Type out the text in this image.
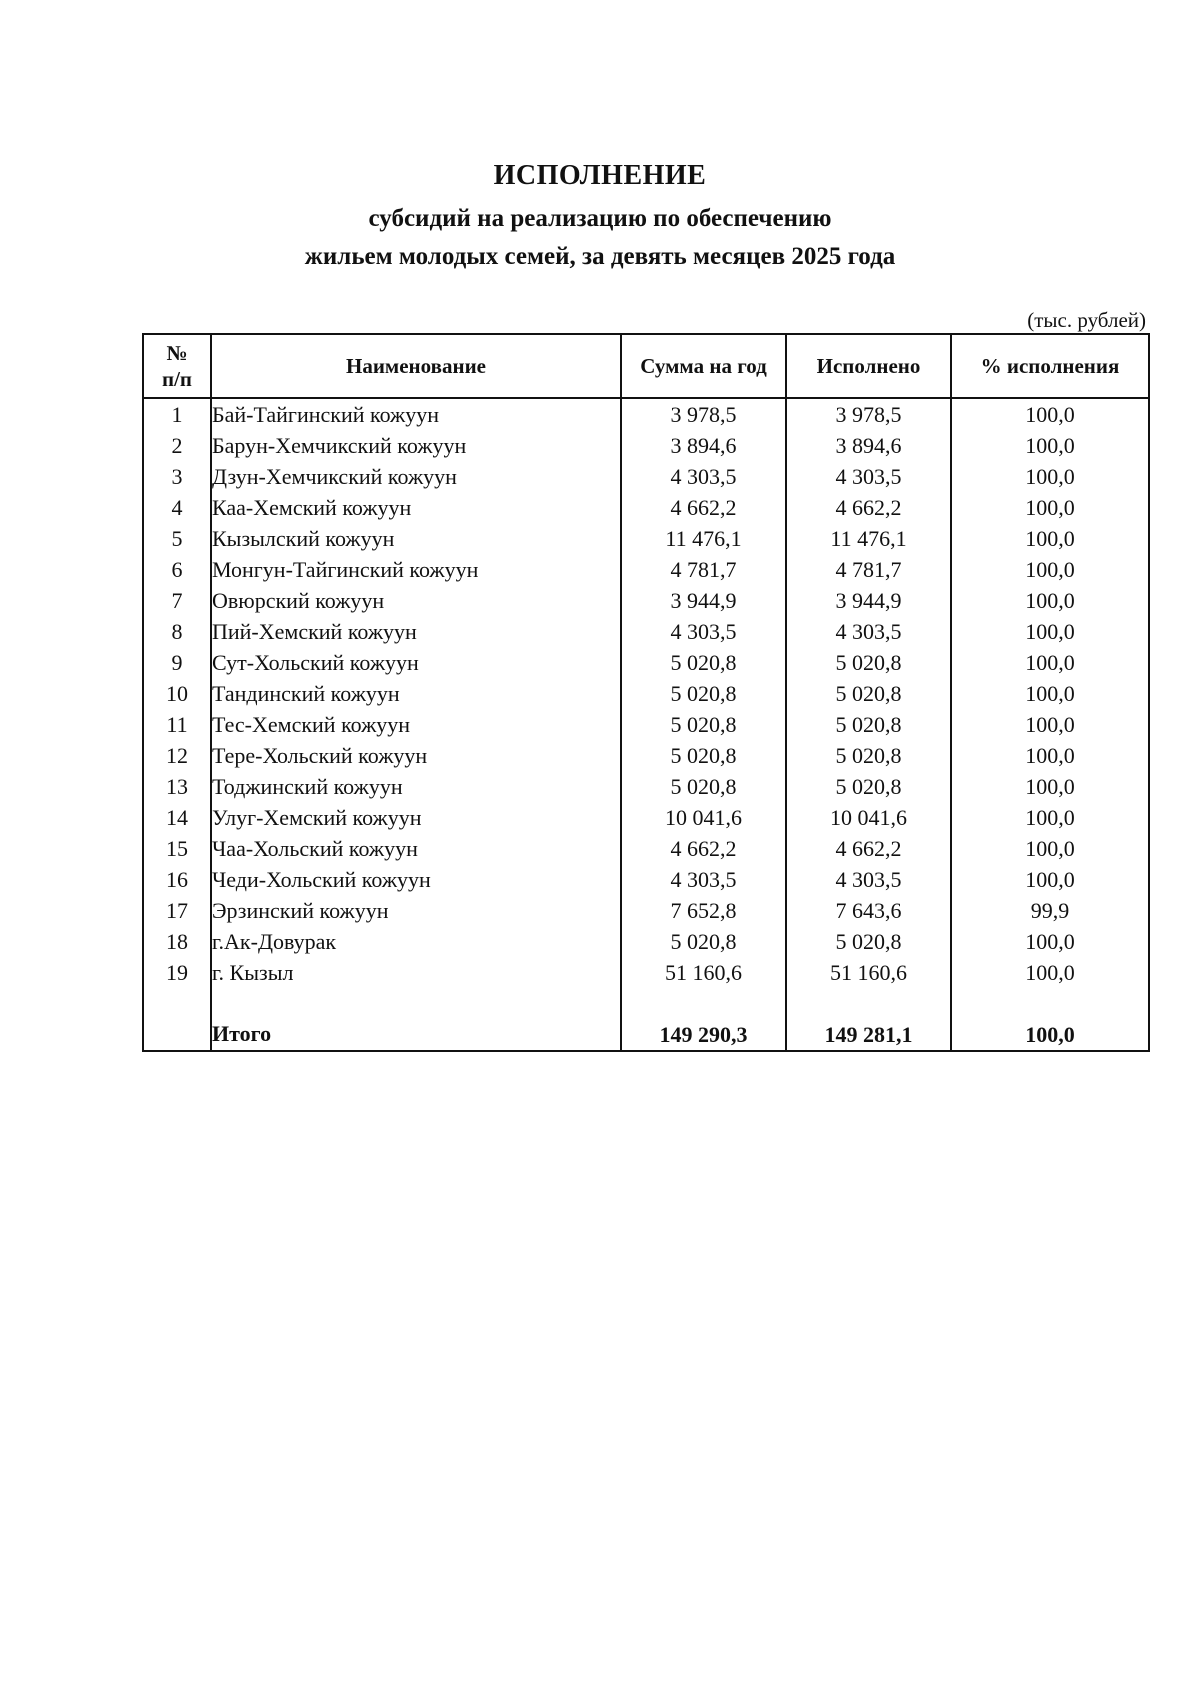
ИСПОЛНЕНИЕ
субсидий на реализацию по обеспечению
жильем молодых семей, за девять месяцев 2025 года
(тыс. рублей)
№
п/п	Наименование	Сумма на год	Исполнено	% исполнения
1	Бай-Тайгинский кожуун	3 978,5	3 978,5	100,0
2	Барун-Хемчикский кожуун	3 894,6	3 894,6	100,0
3	Дзун-Хемчикский кожуун	4 303,5	4 303,5	100,0
4	Каа-Хемский кожуун	4 662,2	4 662,2	100,0
5	Кызылский кожуун	11 476,1	11 476,1	100,0
6	Монгун-Тайгинский кожуун	4 781,7	4 781,7	100,0
7	Овюрский кожуун	3 944,9	3 944,9	100,0
8	Пий-Хемский кожуун	4 303,5	4 303,5	100,0
9	Сут-Хольский кожуун	5 020,8	5 020,8	100,0
10	Тандинский кожуун	5 020,8	5 020,8	100,0
11	Тес-Хемский кожуун	5 020,8	5 020,8	100,0
12	Тере-Хольский кожуун	5 020,8	5 020,8	100,0
13	Тоджинский кожуун	5 020,8	5 020,8	100,0
14	Улуг-Хемский кожуун	10 041,6	10 041,6	100,0
15	Чаа-Хольский кожуун	4 662,2	4 662,2	100,0
16	Чеди-Хольский кожуун	4 303,5	4 303,5	100,0
17	Эрзинский кожуун	7 652,8	7 643,6	99,9
18	г.Ак-Довурак	5 020,8	5 020,8	100,0
19	г. Кызыл	51 160,6	51 160,6	100,0

	Итого	149 290,3	149 281,1	100,0
